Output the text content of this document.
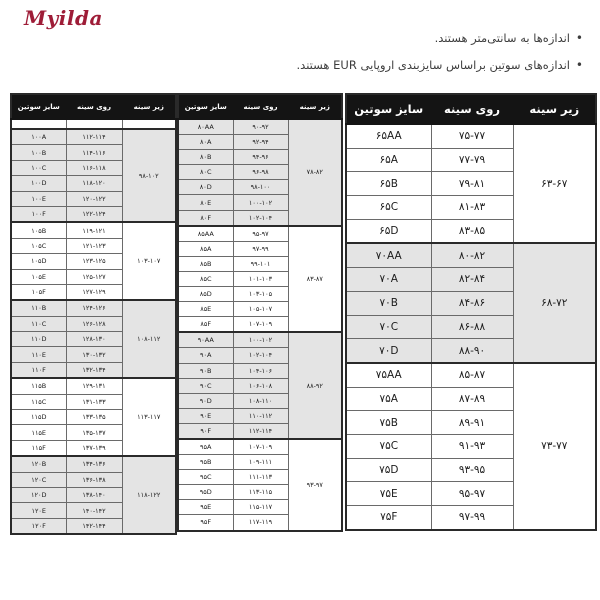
Myilda
• اندازه‌ها به سانتی‌متر هستند.
• اندازه‌های سوتین براساس سایزبندی اروپایی EUR هستند.
سایز سوتین	روی سینه	زیر سینه

۱۰۰A	۱۱۲-۱۱۴	۹۸-۱۰۲
۱۰۰B	۱۱۴-۱۱۶	
۱۰۰C	۱۱۶-۱۱۸	
۱۰۰D	۱۱۸-۱۲۰	
۱۰۰E	۱۲۰-۱۲۲	
۱۰۰F	۱۲۲-۱۲۴	
۱۰۵B	۱۱۹-۱۲۱	۱۰۳-۱۰۷
۱۰۵C	۱۲۱-۱۲۳	
۱۰۵D	۱۲۳-۱۲۵	
۱۰۵E	۱۲۵-۱۲۷	
۱۰۵F	۱۲۷-۱۲۹	
۱۱۰B	۱۲۴-۱۲۶	۱۰۸-۱۱۲
۱۱۰C	۱۲۶-۱۲۸	
۱۱۰D	۱۲۸-۱۳۰	
۱۱۰E	۱۳۰-۱۳۲	
۱۱۰F	۱۳۲-۱۳۴	
۱۱۵B	۱۲۹-۱۳۱	۱۱۳-۱۱۷
۱۱۵C	۱۳۱-۱۳۳	
۱۱۵D	۱۳۳-۱۳۵	
۱۱۵E	۱۳۵-۱۳۷	
۱۱۵F	۱۳۷-۱۳۹	
۱۲۰B	۱۳۴-۱۳۶	۱۱۸-۱۲۲
۱۲۰C	۱۳۶-۱۳۸	
۱۲۰D	۱۳۸-۱۴۰	
۱۲۰E	۱۴۰-۱۴۲	
۱۲۰F	۱۴۲-۱۴۴	
سایز سوتین	روی سینه	زیر سینه
۸۰AA	۹۰-۹۲	۷۸-۸۲
۸۰A	۹۲-۹۴	
۸۰B	۹۴-۹۶	
۸۰C	۹۶-۹۸	
۸۰D	۹۸-۱۰۰	
۸۰E	۱۰۰-۱۰۲	
۸۰F	۱۰۲-۱۰۴	
۸۵AA	۹۵-۹۷	۸۳-۸۷
۸۵A	۹۷-۹۹	
۸۵B	۹۹-۱۰۱	
۸۵C	۱۰۱-۱۰۳	
۸۵D	۱۰۳-۱۰۵	
۸۵E	۱۰۵-۱۰۷	
۸۵F	۱۰۷-۱۰۹	
۹۰AA	۱۰۰-۱۰۲	۸۸-۹۲
۹۰A	۱۰۲-۱۰۴	
۹۰B	۱۰۴-۱۰۶	
۹۰C	۱۰۶-۱۰۸	
۹۰D	۱۰۸-۱۱۰	
۹۰E	۱۱۰-۱۱۲	
۹۰F	۱۱۲-۱۱۴	
۹۵A	۱۰۷-۱۰۹	۹۳-۹۷
۹۵B	۱۰۹-۱۱۱	
۹۵C	۱۱۱-۱۱۳	
۹۵D	۱۱۳-۱۱۵	
۹۵E	۱۱۵-۱۱۷	
۹۵F	۱۱۷-۱۱۹	
سایز سوتین	روی سینه	زیر سینه
۶۵AA	۷۵-۷۷	۶۳-۶۷
۶۵A	۷۷-۷۹	
۶۵B	۷۹-۸۱	
۶۵C	۸۱-۸۳	
۶۵D	۸۳-۸۵	
۷۰AA	۸۰-۸۲	۶۸-۷۲
۷۰A	۸۲-۸۴	
۷۰B	۸۴-۸۶	
۷۰C	۸۶-۸۸	
۷۰D	۸۸-۹۰	
۷۵AA	۸۵-۸۷	۷۳-۷۷
۷۵A	۸۷-۸۹	
۷۵B	۸۹-۹۱	
۷۵C	۹۱-۹۳	
۷۵D	۹۳-۹۵	
۷۵E	۹۵-۹۷	
۷۵F	۹۷-۹۹	
